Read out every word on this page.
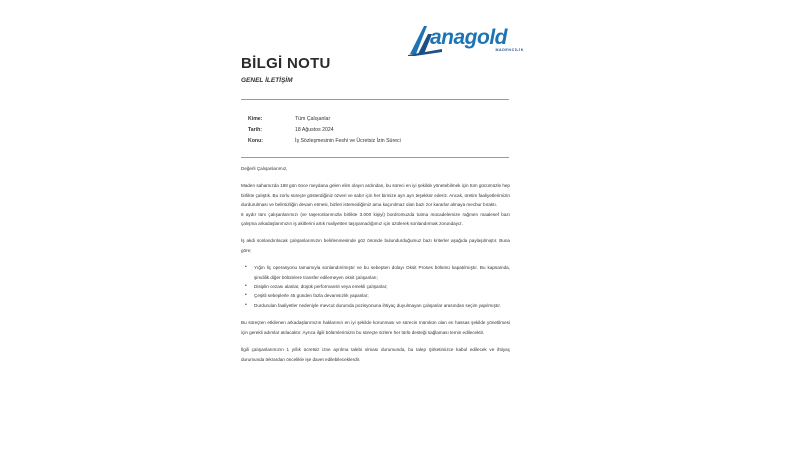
anagold
MADENCİLİK
BİLGİ NOTU
GENEL İLETİŞİM
Kime:	Tüm Çalışanlar
Tarih:	18 Ağustos 2024
Konu:	İş Sözleşmesinin Feshi ve Ücretsiz İzin Süreci

Değerli Çalışanlarımız,

Maden sahamızda 188 gün önce meydana gelen elim olayın ardından, bu süreci en iyi şekilde yönetebilmek için tüm gücümüzle hep birlikte çalıştık. Bu zorlu süreçte gösterdiğiniz özveri ve sabır için her birinize ayrı ayrı teşekkür ederiz. Ancak, üretim faaliyetlerimizin durdurulması ve belirsizliğin devam etmesi, bizleri istemediğimiz ama kaçınılmaz olan bazı zor kararlar almaya mecbur bıraktı.

6 aydır tüm çalışanlarımızı (ve taşeronlarımızla birlikte 3.000 kişiyi) bordromuzda tutma mücadelemize rağmen maalesef bazı çalışma arkadaşlarımızın iş akitlerini artık maliyetten taşıyamadığımız için üzülerek sonlandırmak zorundayız.

İş akdi sonlandırılacak çalışanlarımızın belirlenmesinde göz önünde bulundurduğumuz bazı kriterler aşağıda paylaşılmıştır. Buna göre;

• Yığın liç operasyonu tamamıyla sonlandırılmıştır ve bu sebepten dolayı Oksit Proses bölümü kapatılmıştır. Bu kapsamda, şimdilik diğer bölümlere transfer edilemeyen oksit çalışanları;
• Disiplin cezası alanlar, düşük performanslı veya emekli çalışanlar;
• Çeşitli sebeplerle 45 günden fazla devamsızlık yapanlar;
• Durdurulan faaliyetler nedeniyle mevcut durumda pozisyonuna ihtiyaç duyulmayan çalışanlar arasından seçim yapılmıştır.

Bu süreçten etkilenen arkadaşlarımızın haklarının en iyi şekilde korunması ve sürecin mümkün olan en hassas şekilde yönetilmesi için gerekli adımlar atılacaktır. Ayrıca ilgili bölümlerimizin bu süreçte sizlere her türlü desteği sağlaması temin edilecektir.

İlgili çalışanlarımızın 1 yıllık ücretsiz izne ayrılma talebi olması durumunda, bu talep Şirketimizce kabul edilecek ve ihtiyaç durumunda tekrardan öncelikle işe davet edilebileceklerdir.
